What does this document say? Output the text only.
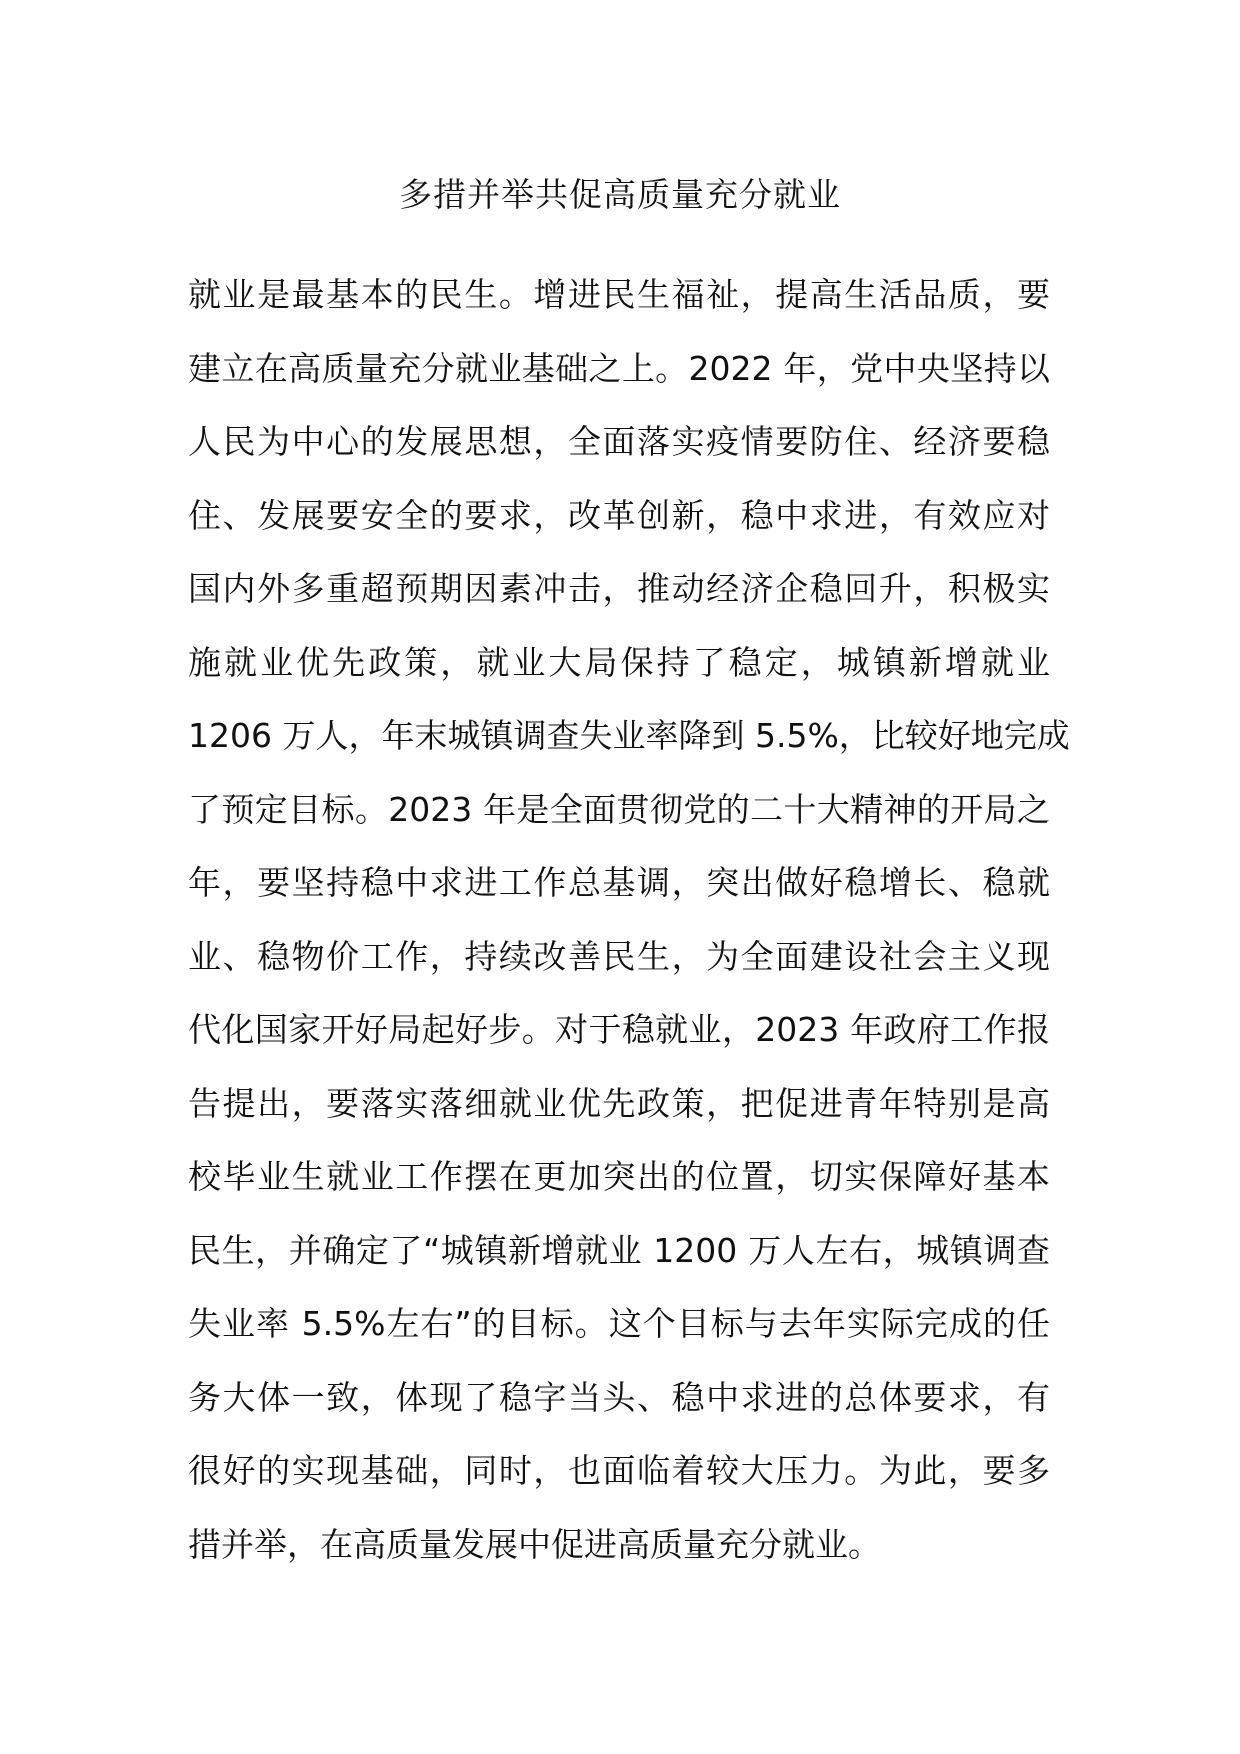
多措并举共促高质量充分就业
就业是最基本的民生。增进民生福祉，提高生活品质，要
建立在高质量充分就业基础之上。2022 年，党中央坚持以
人民为中心的发展思想，全面落实疫情要防住、经济要稳
住、发展要安全的要求，改革创新，稳中求进，有效应对
国内外多重超预期因素冲击，推动经济企稳回升，积极实
施就业优先政策，就业大局保持了稳定，城镇新增就业
1206 万人，年末城镇调查失业率降到 5.5%，比较好地完成
了预定目标。2023 年是全面贯彻党的二十大精神的开局之
年，要坚持稳中求进工作总基调，突出做好稳增长、稳就
业、稳物价工作，持续改善民生，为全面建设社会主义现
代化国家开好局起好步。对于稳就业，2023 年政府工作报
告提出，要落实落细就业优先政策，把促进青年特别是高
校毕业生就业工作摆在更加突出的位置，切实保障好基本
民生，并确定了“城镇新增就业 1200 万人左右，城镇调查
失业率 5.5%左右”的目标。这个目标与去年实际完成的任
务大体一致，体现了稳字当头、稳中求进的总体要求，有
很好的实现基础，同时，也面临着较大压力。为此，要多
措并举，在高质量发展中促进高质量充分就业。
